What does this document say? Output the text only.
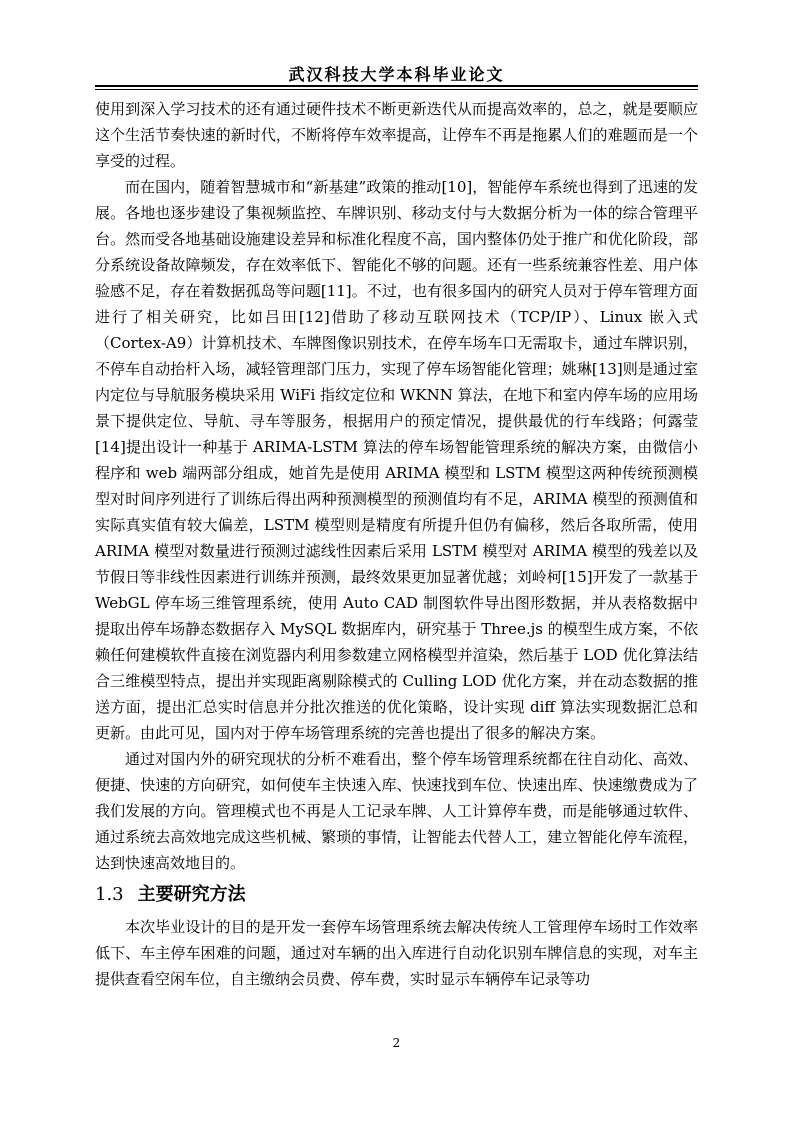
武汉科技大学本科毕业论文

使用到深入学习技术的还有通过硬件技术不断更新迭代从而提高效率的，总之，就是要顺应这个生活节奏快速的新时代，不断将停车效率提高，让停车不再是拖累人们的难题而是一个享受的过程。

而在国内，随着智慧城市和“新基建”政策的推动[10]，智能停车系统也得到了迅速的发展。各地也逐步建设了集视频监控、车牌识别、移动支付与大数据分析为一体的综合管理平台。然而受各地基础设施建设差异和标准化程度不高，国内整体仍处于推广和优化阶段，部分系统设备故障频发，存在效率低下、智能化不够的问题。还有一些系统兼容性差、用户体验感不足，存在着数据孤岛等问题[11]。不过，也有很多国内的研究人员对于停车管理方面进行了相关研究，比如吕田[12]借助了移动互联网技术（TCP/IP）、Linux 嵌入式（Cortex-A9）计算机技术、车牌图像识别技术，在停车场车口无需取卡，通过车牌识别，不停车自动抬杆入场，减轻管理部门压力，实现了停车场智能化管理；姚琳[13]则是通过室内定位与导航服务模块采用 WiFi 指纹定位和 WKNN 算法，在地下和室内停车场的应用场景下提供定位、导航、寻车等服务，根据用户的预定情况，提供最优的行车线路；何露莹[14]提出设计一种基于 ARIMA-LSTM 算法的停车场智能管理系统的解决方案，由微信小程序和 web 端两部分组成，她首先是使用 ARIMA 模型和 LSTM 模型这两种传统预测模型对时间序列进行了训练后得出两种预测模型的预测值均有不足，ARIMA 模型的预测值和实际真实值有较大偏差，LSTM 模型则是精度有所提升但仍有偏移，然后各取所需，使用 ARIMA 模型对数量进行预测过滤线性因素后采用 LSTM 模型对 ARIMA 模型的残差以及节假日等非线性因素进行训练并预测，最终效果更加显著优越；刘岭柯[15]开发了一款基于 WebGL 停车场三维管理系统，使用 Auto CAD 制图软件导出图形数据，并从表格数据中提取出停车场静态数据存入 MySQL 数据库内，研究基于 Three.js 的模型生成方案，不依赖任何建模软件直接在浏览器内利用参数建立网格模型并渲染，然后基于 LOD 优化算法结合三维模型特点，提出并实现距离剔除模式的 Culling LOD 优化方案，并在动态数据的推送方面，提出汇总实时信息并分批次推送的优化策略，设计实现 diff 算法实现数据汇总和更新。由此可见，国内对于停车场管理系统的完善也提出了很多的解决方案。

通过对国内外的研究现状的分析不难看出，整个停车场管理系统都在往自动化、高效、便捷、快速的方向研究，如何使车主快速入库、快速找到车位、快速出库、快速缴费成为了我们发展的方向。管理模式也不再是人工记录车牌、人工计算停车费，而是能够通过软件、通过系统去高效地完成这些机械、繁琐的事情，让智能去代替人工，建立智能化停车流程，达到快速高效地目的。

1.3 主要研究方法

本次毕业设计的目的是开发一套停车场管理系统去解决传统人工管理停车场时工作效率低下、车主停车困难的问题，通过对车辆的出入库进行自动化识别车牌信息的实现，对车主提供查看空闲车位，自主缴纳会员费、停车费，实时显示车辆停车记录等功

2
